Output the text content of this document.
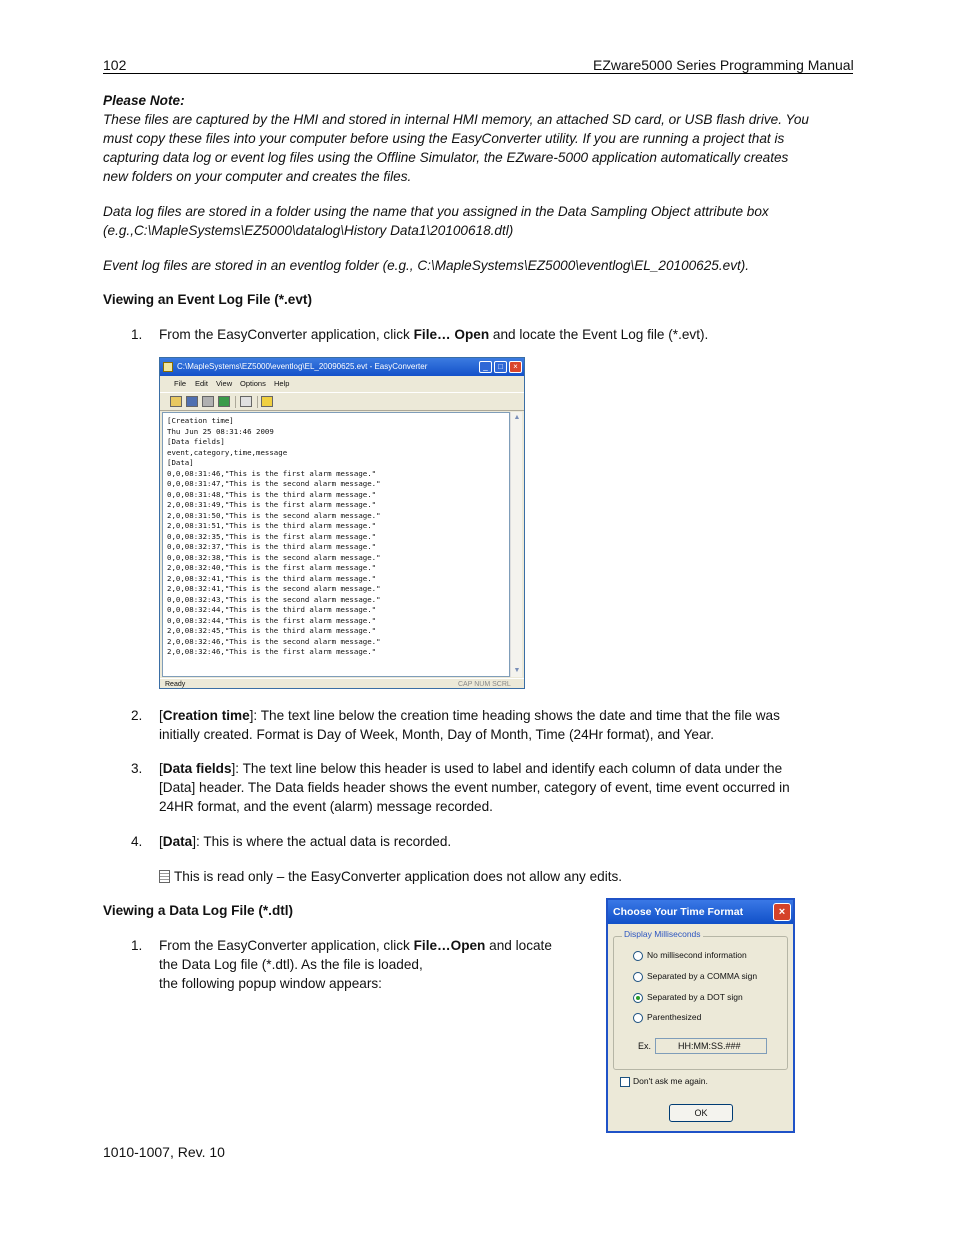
102	EZware5000 Series Programming Manual
Please Note:
These files are captured by the HMI and stored in internal HMI memory, an attached SD card, or USB flash drive. You
must copy these files into your computer before using the EasyConverter utility. If you are running a project that is
capturing data log or event log files using the Offline Simulator, the EZware-5000 application automatically creates
new folders on your computer and creates the files.
Data log files are stored in a folder using the name that you assigned in the Data Sampling Object attribute box
(e.g.,C:\MapleSystems\EZ5000\datalog\History Data1\20100618.dtl)
Event log files are stored in an eventlog folder (e.g., C:\MapleSystems\EZ5000\eventlog\EL_20100625.evt).
Viewing an Event Log File (*.evt)
1. From the EasyConverter application, click File… Open and locate the Event Log file (*.evt).
C:\MapleSystems\EZ5000\eventlog\EL_20090625.evt - EasyConverter	_	□	×
File Edit View Options Help
[Creation time]
Thu Jun 25 08:31:46 2009
[Data fields]
event,category,time,message
[Data]
0,0,08:31:46,"This is the first alarm message."
0,0,08:31:47,"This is the second alarm message."
0,0,08:31:48,"This is the third alarm message."
2,0,08:31:49,"This is the first alarm message."
2,0,08:31:50,"This is the second alarm message."
2,0,08:31:51,"This is the third alarm message."
0,0,08:32:35,"This is the first alarm message."
0,0,08:32:37,"This is the third alarm message."
0,0,08:32:38,"This is the second alarm message."
2,0,08:32:40,"This is the first alarm message."
2,0,08:32:41,"This is the third alarm message."
2,0,08:32:41,"This is the second alarm message."
0,0,08:32:43,"This is the second alarm message."
0,0,08:32:44,"This is the third alarm message."
0,0,08:32:44,"This is the first alarm message."
2,0,08:32:45,"This is the third alarm message."
2,0,08:32:46,"This is the second alarm message."
2,0,08:32:46,"This is the first alarm message."
▲
▼
Ready	CAP NUM SCRL
2. [Creation time]: The text line below the creation time heading shows the date and time that the file was
initially created. Format is Day of Week, Month, Day of Month, Time (24Hr format), and Year.
3. [Data fields]: The text line below this header is used to label and identify each column of data under the
[Data] header. The Data fields header shows the event number, category of event, time event occurred in
24HR format, and the event (alarm) message recorded.
4. [Data]: This is where the actual data is recorded.
This is read only – the EasyConverter application does not allow any edits.
Viewing a Data Log File (*.dtl)
1. From the EasyConverter application, click File…Open and locate
the Data Log file (*.dtl). As the file is loaded,
the following popup window appears:
Choose Your Time Format	×
Display Milliseconds
No millisecond information
Separated by a COMMA sign
Separated by a DOT sign
Parenthesized
Ex.	HH:MM:SS.###
Don't ask me again.
OK
1010-1007, Rev. 10
